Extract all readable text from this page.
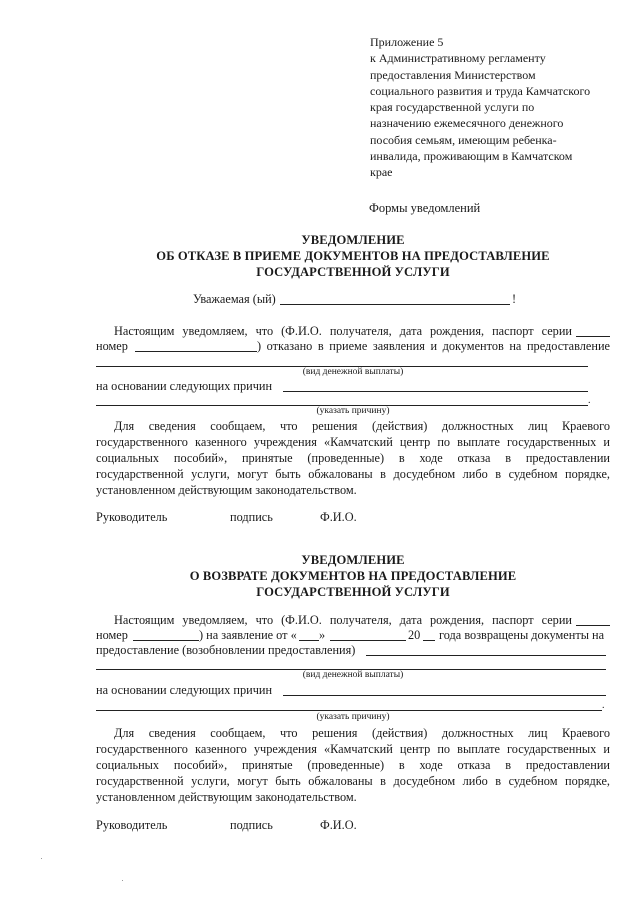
Приложение 5
к Административному регламенту
предоставления Министерством
социального развития и труда Камчатского
края государственной услуги по
назначению ежемесячного денежного
пособия семьям, имеющим ребенка-
инвалида, проживающим в Камчатском
крае
Формы уведомлений
УВЕДОМЛЕНИЕ
ОБ ОТКАЗЕ В ПРИЕМЕ ДОКУМЕНТОВ НА ПРЕДОСТАВЛЕНИЕ
ГОСУДАРСТВЕННОЙ УСЛУГИ
Уважаемая (ый)	!
Настоящим уведомляем, что (Ф.И.О. получателя, дата рождения, паспорт серии
номер	) отказано в приеме заявления и документов на предоставление
(вид денежной выплаты)
на основании следующих причин
.
(указать причину)
Для сведения сообщаем, что решения (действия) должностных лиц Краевого
государственного казенного учреждения «Камчатский центр по выплате государственных и
социальных пособий», принятые (проведенные) в ходе отказа в предоставлении
государственной услуги, могут быть обжалованы в досудебном либо в судебном порядке,
установленном действующим законодательством.
Руководитель	подпись	Ф.И.О.
УВЕДОМЛЕНИЕ
О ВОЗВРАТЕ ДОКУМЕНТОВ НА ПРЕДОСТАВЛЕНИЕ
ГОСУДАРСТВЕННОЙ УСЛУГИ
Настоящим уведомляем, что (Ф.И.О. получателя, дата рождения, паспорт серии
номер	) на заявление от « »	20 года возвращены документы на
предоставление (возобновлении предоставления)
(вид денежной выплаты)
на основании следующих причин
.
(указать причину)
Для сведения сообщаем, что решения (действия) должностных лиц Краевого
государственного казенного учреждения «Камчатский центр по выплате государственных и
социальных пособий», принятые (проведенные) в ходе отказа в предоставлении
государственной услуги, могут быть обжалованы в досудебном либо в судебном порядке,
установленном действующим законодательством.
Руководитель	подпись	Ф.И.О.
